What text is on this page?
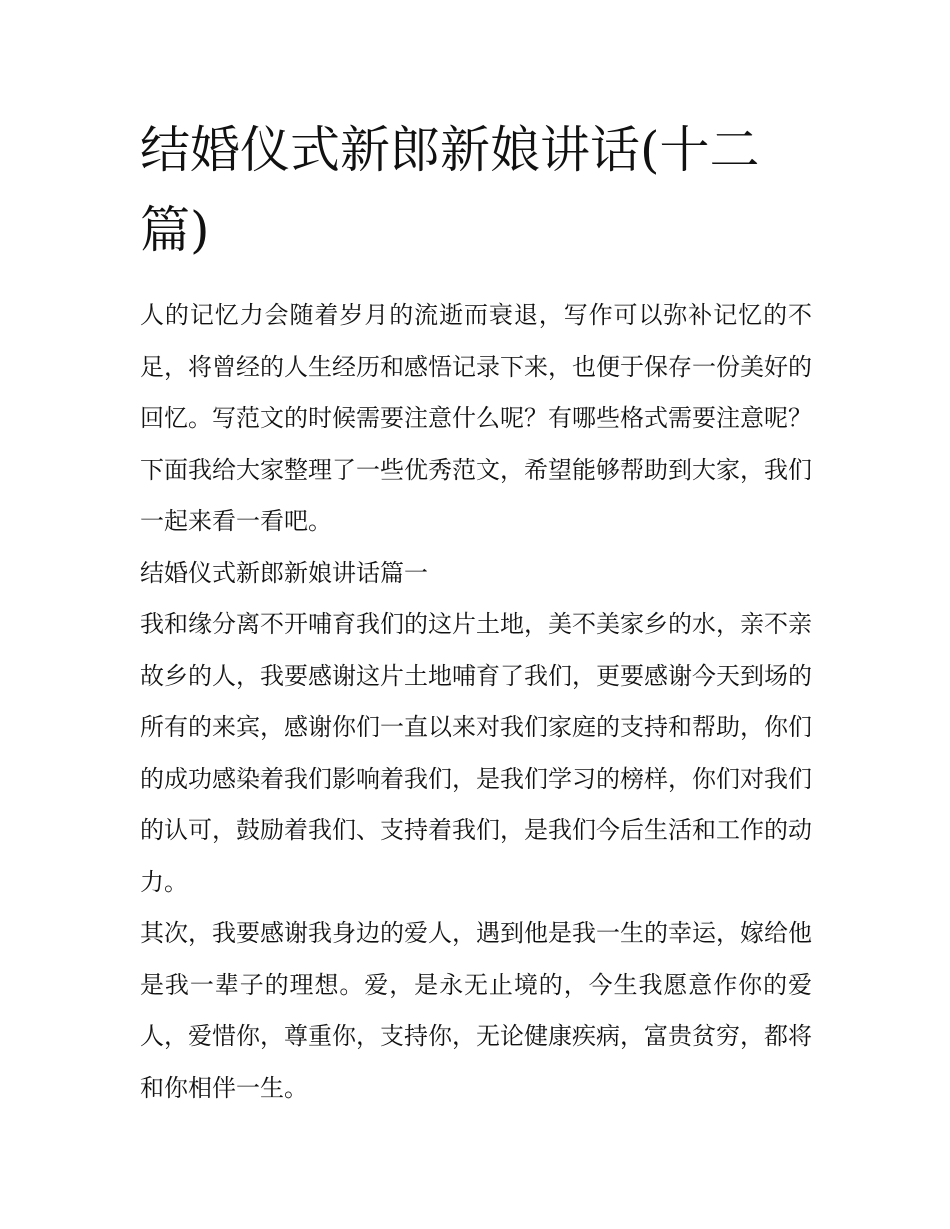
结婚仪式新郎新娘讲话(十二篇)

人的记忆力会随着岁月的流逝而衰退，写作可以弥补记忆的不足，将曾经的人生经历和感悟记录下来，也便于保存一份美好的回忆。写范文的时候需要注意什么呢？有哪些格式需要注意呢？下面我给大家整理了一些优秀范文，希望能够帮助到大家，我们一起来看一看吧。

结婚仪式新郎新娘讲话篇一

我和缘分离不开哺育我们的这片土地，美不美家乡的水，亲不亲故乡的人，我要感谢这片土地哺育了我们，更要感谢今天到场的所有的来宾，感谢你们一直以来对我们家庭的支持和帮助，你们的成功感染着我们影响着我们，是我们学习的榜样，你们对我们的认可，鼓励着我们、支持着我们，是我们今后生活和工作的动力。

其次，我要感谢我身边的爱人，遇到他是我一生的幸运，嫁给他是我一辈子的理想。爱，是永无止境的，今生我愿意作你的爱人，爱惜你，尊重你，支持你，无论健康疾病，富贵贫穷，都将和你相伴一生。
